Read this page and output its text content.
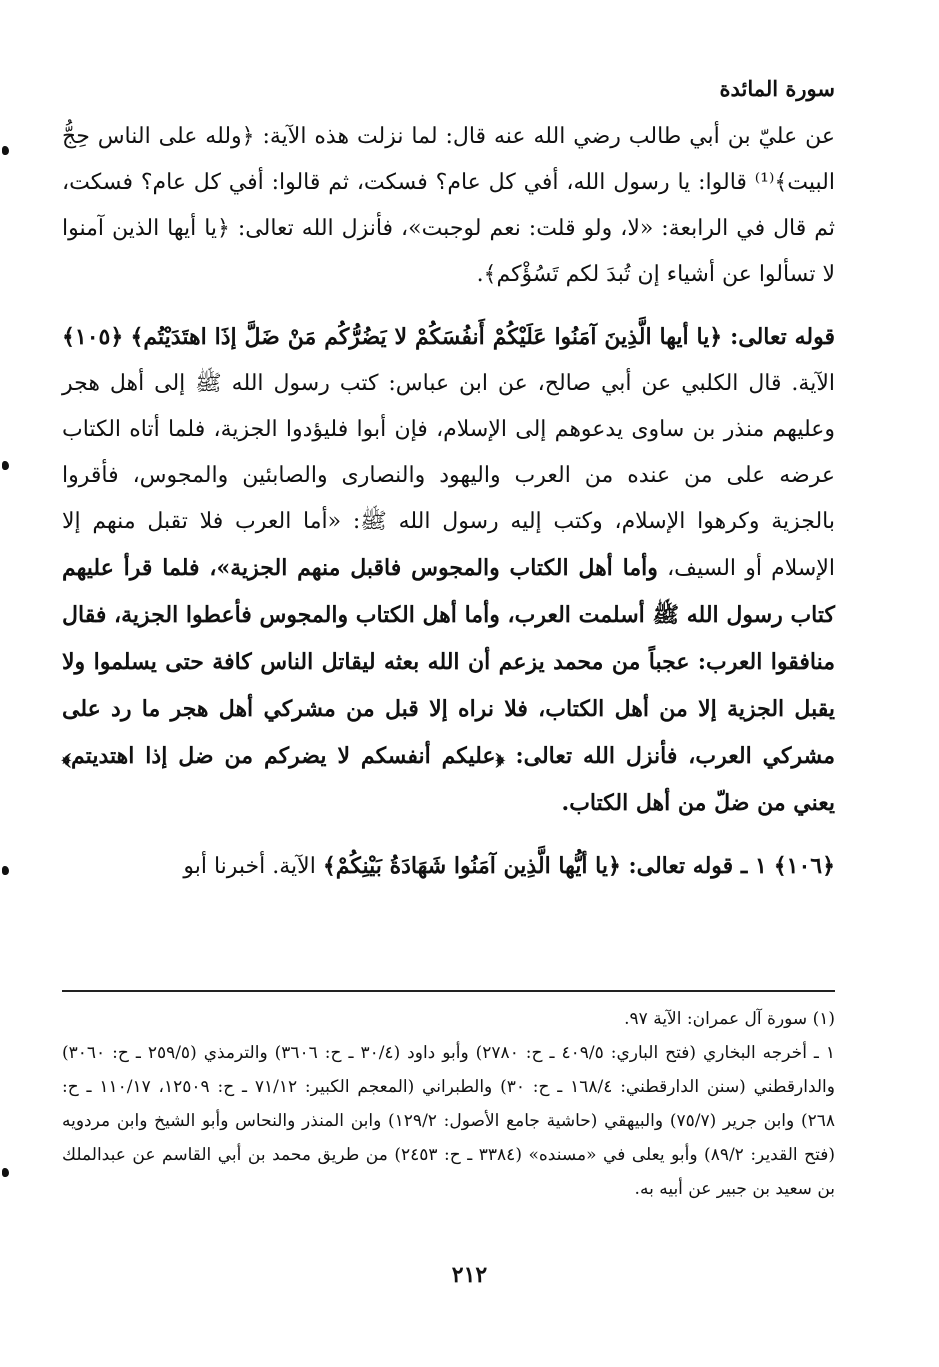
سورة المائدة

عن عليّ بن أبي طالب رضي الله عنه قال: لما نزلت هذه الآية: ﴿ولله على الناس حِجُّ البيت﴾⁽¹⁾ قالوا: يا رسول الله، أفي كل عام؟ فسكت، ثم قالوا: أفي كل عام؟ فسكت، ثم قال في الرابعة: «لا، ولو قلت: نعم لوجبت»، فأنزل الله تعالى: ﴿يا أيها الذين آمنوا لا تسألوا عن أشياء إن تُبدَ لكم تَسُؤْكم﴾.

قوله تعالى: ﴿يا أيها الَّذِينَ آمَنُوا عَلَيْكُمْ أَنفُسَكُمْ لا يَضُرُّكُم مَنْ ضَلَّ إذَا اهتَدَيْتُم﴾ ﴿١٠٥﴾ الآية. قال الكلبي عن أبي صالح، عن ابن عباس: كتب رسول الله ﷺ إلى أهل هجر وعليهم منذر بن ساوى يدعوهم إلى الإسلام، فإن أبوا فليؤدوا الجزية، فلما أتاه الكتاب عرضه على من عنده من العرب واليهود والنصارى والصابئين والمجوس، فأقروا بالجزية وكرهوا الإسلام، وكتب إليه رسول الله ﷺ: «أما العرب فلا تقبل منهم إلا الإسلام أو السيف، وأما أهل الكتاب والمجوس فاقبل منهم الجزية»، فلما قرأ عليهم كتاب رسول الله ﷺ أسلمت العرب، وأما أهل الكتاب والمجوس فأعطوا الجزية، فقال منافقوا العرب: عجباً من محمد يزعم أن الله بعثه ليقاتل الناس كافة حتى يسلموا ولا يقبل الجزية إلا من أهل الكتاب، فلا نراه إلا قبل من مشركي أهل هجر ما رد على مشركي العرب، فأنزل الله تعالى: ﴿عليكم أنفسكم لا يضركم من ضل إذا اهتديتم﴾ يعني من ضلّ من أهل الكتاب.

﴿١٠٦﴾ ١ ـ قوله تعالى: ﴿يا أيُّها الَّذِين آمَنُوا شَهَادَةُ بَيْنِكُمْ﴾ الآية. أخبرنا أبو

(١) سورة آل عمران: الآية ٩٧.

١ ـ أخرجه البخاري (فتح الباري: ٤٠٩/٥ ـ ح: ٢٧٨٠) وأبو داود (٣٠/٤ ـ ح: ٣٦٠٦) والترمذي (٢٥٩/٥ ـ ح: ٣٠٦٠) والدارقطني (سنن الدارقطني: ١٦٨/٤ ـ ح: ٣٠) والطبراني (المعجم الكبير: ٧١/١٢ ـ ح: ١٢٥٠٩، ١١٠/١٧ ـ ح: ٢٦٨) وابن جرير (٧٥/٧) والبيهقي (حاشية جامع الأصول: ١٢٩/٢) وابن المنذر والنحاس وأبو الشيخ وابن مردويه (فتح القدير: ٨٩/٢) وأبو يعلى في «مسنده» (٣٣٨٤ ـ ح: ٢٤٥٣) من طريق محمد بن أبي القاسم عن عبدالملك بن سعيد بن جبير عن أبيه به.

٢١٢
